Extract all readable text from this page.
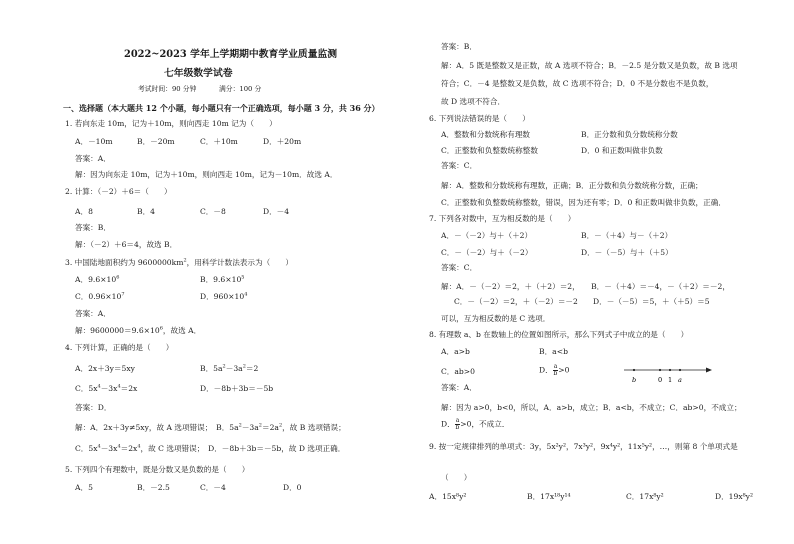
2022~2023 学年上学期期中教育学业质量监测
七年级数学试卷
考试时间：90 分钟	满分：100 分
一、选择题（本大题共 12 个小题，每小题只有一个正确选项，每小题 3 分，共 36 分）
1. 若向东走 10m，记为＋10m，则向西走 10m 记为（　　）
A．－10m	B．－20m	C．＋10m	D．＋20m
答案：A．
解：因为向东走 10m，记为＋10m，则向西走 10m，记为－10m．故选 A．
2. 计算：（－2）＋6＝（　　）
A．8	B．4	C．－8	D．－4
答案：B．
解：（－2）＋6＝4，故选 B．
3. 中国陆地面积约为 $9600000km^2$，用科学计数法表示为（　　）
A．$9.6\times 10^6$	B．$9.6\times 10^5$
C．$0.96\times 10^7$	D．$960\times 10^4$
答案：A．
解：$9600000=9.6\times 10^6$，故选 A．
4. 下列计算，正确的是（　　）
A．2x＋3y＝5xy	B．$5a^2-3a^2=2$
C．$5x^4-3x^4=2x$	D．－8b＋3b＝－5b
答案：D．
解：A．2x＋3y≠5xy，故 A 选项错误；　B．$5a^2-3a^2=2a^2$，故 B 选项错误；
C．$5x^4-3x^4=2x^4$，故 C 选项错误；　D．－8b＋3b＝－5b，故 D 选项正确．
5. 下列四个有理数中，既是分数又是负数的是（　　）
A．5	B．－2.5	C．－4	D．0
答案：B．
解：A．5 既是整数又是正数，故 A 选项不符合；B．－2.5 是分数又是负数，故 B 选项
符合；C．－4 是整数又是负数，故 C 选项不符合；D．0 不是分数也不是负数，
故 D 选项不符合．
6. 下列说法错误的是（　　）
A．整数和分数统称有理数	B．正分数和负分数统称分数
C．正整数和负整数统称整数	D．0 和正数叫做非负数
答案：C．
解：A．整数和分数统称有理数，正确；B．正分数和负分数统称分数，正确；
C．正整数和负整数统称整数，错误，因为还有零；D．0 和正数叫做非负数，正确．
7. 下列各对数中，互为相反数的是（　　）
A．－（－2）与＋（＋2）	B．－（＋4）与－（＋2）
C．－（－2）与＋（－2）	D．－（－5）与＋（＋5）
答案：C．
解：A．－（－2）＝2，＋（＋2）＝2，　　B．－（＋4）＝－4，－（＋2）＝－2，
C．－（－2）＝2，＋（－2）＝－2　　D．－（－5）＝5，＋（＋5）＝5
可以，互为相反数的是 C 选项．
8. 有理数 a、b 在数轴上的位置如图所示，那么下列式子中成立的是（　　）
A．a>b	B．a<b
C．ab>0	D． $\frac{a}{b} >0$
b	0 1 a
答案：A．
解：因为 a>0，b<0，所以，A．a>b，成立；B．a<b，不成立；C．ab>0，不成立；
D． $\frac{a}{b} >0$，不成立．
9. 按一定规律排列的单项式：3y，5x²y²，7x³y²，9x⁴y²，11x⁵y²，…，则第 8 个单项式是
（　　）
A．15x⁸y²	B．17x¹⁸y¹⁴	C．17x⁸y²	D．19x⁸y²
